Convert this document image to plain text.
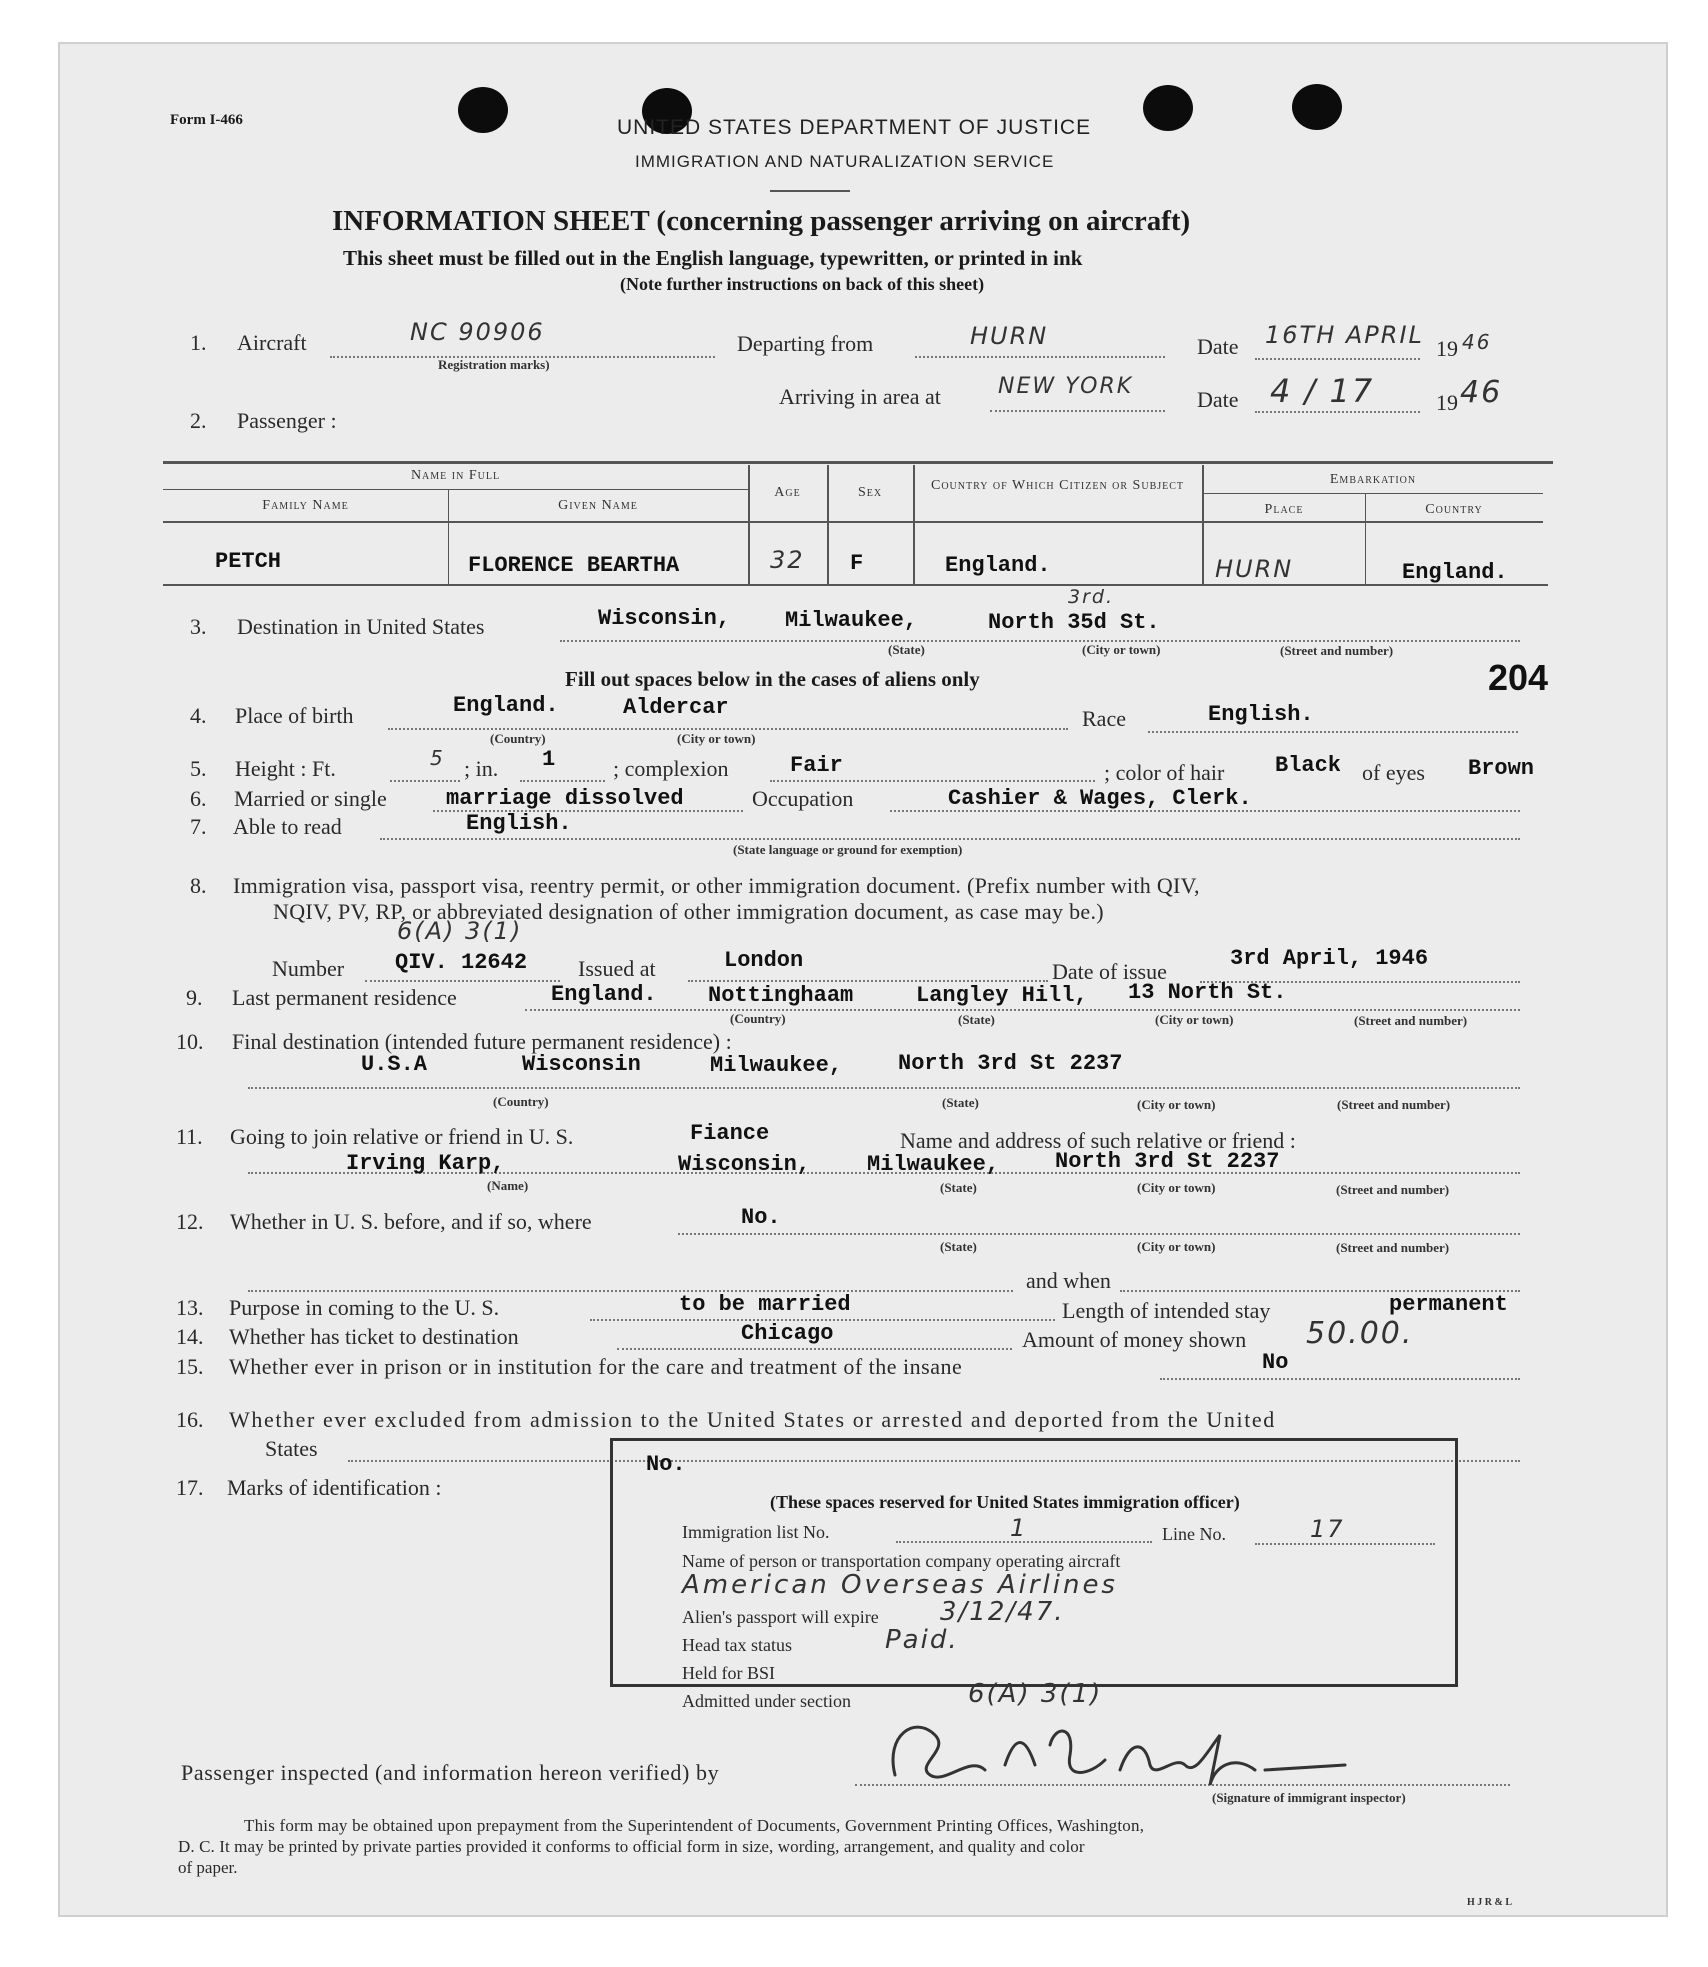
Form I-466	UNITED STATES DEPARTMENT OF JUSTICE
IMMIGRATION AND NATURALIZATION SERVICE
INFORMATION SHEET (concerning passenger arriving on aircraft)
This sheet must be filled out in the English language, typewritten, or printed in ink
(Note further instructions on back of this sheet)
1. Aircraft	NC 90906
Registration marks)
Departing from	HURN	Date 16TH APRIL 19 46
Arriving in area at	NEW YORK
Date 4 / 17	19 46
2. Passenger :
Name in Full
Family Name	Given Name
Age	Sex	Country of Which Citizen or Subject	Embarkation
Place	Country
PETCH	FLORENCE BEARTHA	32 F	England.	HURN	England.
3. Destination in United States	Wisconsin, Milwaukee,	North 35d St.
3rd.
(State)	(City or town)	(Street and number)
Fill out spaces below in the cases of aliens only	204
4. Place of birth	England.	Aldercar
(Country)	(City or town)
Race	English.
5. Height : Ft.	5 ; in. 1	; complexion	Fair	; color of hair Black of eyes Brown
6. Married or single	marriage dissolved	Occupation	Cashier & Wages, Clerk.
7. Able to read	English.
(State language or ground for exemption)
8. Immigration visa, passport visa, reentry permit, or other immigration document. (Prefix number with QIV,
NQIV, PV, RP, or abbreviated designation of other immigration document, as case may be.)
6(A) 3(1)
Number QIV. 12642 Issued at	London	Date of issue
3rd April, 1946
9. Last permanent residence	England. Nottinghaam	Langley Hill, 13 North St.
(Country)	(State)	(City or town)	(Street and number)
10. Final destination (intended future permanent residence) :
U.S.A	Wisconsin	Milwaukee,	North 3rd St 2237
(Country)	(State)	(City or town)	(Street and number)
11. Going to join relative or friend in U. S.	Fiance	Name and address of such relative or friend :
Irving Karp,	Wisconsin,	Milwaukee,	North 3rd St 2237
(Name)	(State)	(City or town)	(Street and number)
12. Whether in U. S. before, and if so, where	No.
(State)	(City or town)	(Street and number)
and when
13. Purpose in coming to the U. S.	to be married	Length of intended stay	permanent
14. Whether has ticket to destination	Chicago	Amount of money shown 50.00.
15. Whether ever in prison or in institution for the care and treatment of the insane	No
16. Whether ever excluded from admission to the United States or arrested and deported from the United
States
No.
17. Marks of identification :
(These spaces reserved for United States immigration officer)
Immigration list No.	1	Line No.	17
Name of person or transportation company operating aircraft
American Overseas Airlines
Alien's passport will expire 3/12/47.
Head tax status	Paid.
Held for BSI
Admitted under section	6(A) 3(1)
Passenger inspected (and information hereon verified) by
(Signature of immigrant inspector)
This form may be obtained upon prepayment from the Superintendent of Documents, Government Printing Offices, Washington,
D. C. It may be printed by private parties provided it conforms to official form in size, wording, arrangement, and quality and color
of paper.
H J R & L
